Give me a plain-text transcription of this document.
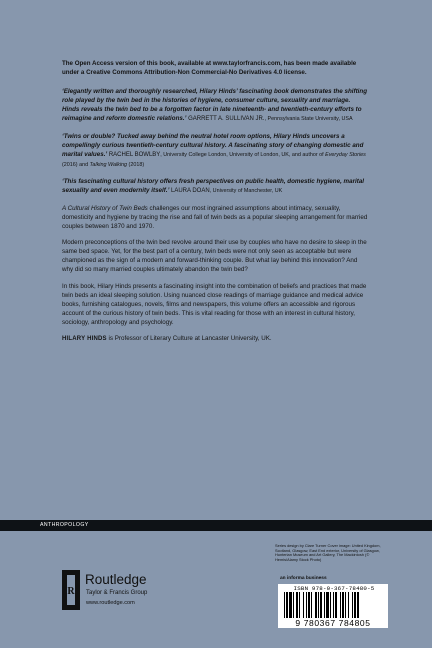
The Open Access version of this book, available at www.taylorfrancis.com, has been made available under a Creative Commons Attribution-Non Commercial-No Derivatives 4.0 license.

‘Elegantly written and thoroughly researched, Hilary Hinds’ fascinating book demonstrates the shifting role played by the twin bed in the histories of hygiene, consumer culture, sexuality and marriage. Hinds reveals the twin bed to be a forgotten factor in late nineteenth- and twentieth-century efforts to reimagine and reform domestic relations.’ GARRETT A. SULLIVAN JR., Pennsylvania State University, USA

‘Twins or double? Tucked away behind the neutral hotel room options, Hilary Hinds uncovers a compellingly curious twentieth-century cultural history. A fascinating story of changing domestic and marital values.’ RACHEL BOWLBY, University College London, University of London, UK, and author of Everyday Stories (2016) and Talking Walking (2018)

‘This fascinating cultural history offers fresh perspectives on public health, domestic hygiene, marital sexuality and even modernity itself.’ LAURA DOAN, University of Manchester, UK

A Cultural History of Twin Beds challenges our most ingrained assumptions about intimacy, sexuality, domesticity and hygiene by tracing the rise and fall of twin beds as a popular sleeping arrangement for married couples between 1870 and 1970.

Modern preconceptions of the twin bed revolve around their use by couples who have no desire to sleep in the same bed space. Yet, for the best part of a century, twin beds were not only seen as acceptable but were championed as the sign of a modern and forward-thinking couple. But what lay behind this innovation? And why did so many married couples ultimately abandon the twin bed?

In this book, Hilary Hinds presents a fascinating insight into the combination of beliefs and practices that made twin beds an ideal sleeping solution. Using nuanced close readings of marriage guidance and medical advice books, furnishing catalogues, novels, films and newspapers, this volume offers an accessible and rigorous account of the curious history of twin beds. This is vital reading for those with an interest in cultural history, sociology, anthropology and psychology.

HILARY HINDS is Professor of Literary Culture at Lancaster University, UK.

ANTHROPOLOGY
R
Routledge
Taylor & Francis Group
www.routledge.com
Series design by Clare Turner Cover image: United Kingdom, Scotland, Glasgow, East End exterior, University of Glasgow, Hunterian Museum and Art Gallery, The Mackintosh (© Hemis/Alamy Stock Photo)
an informa business
ISBN 978-0-367-78480-5
9 780367 784805
